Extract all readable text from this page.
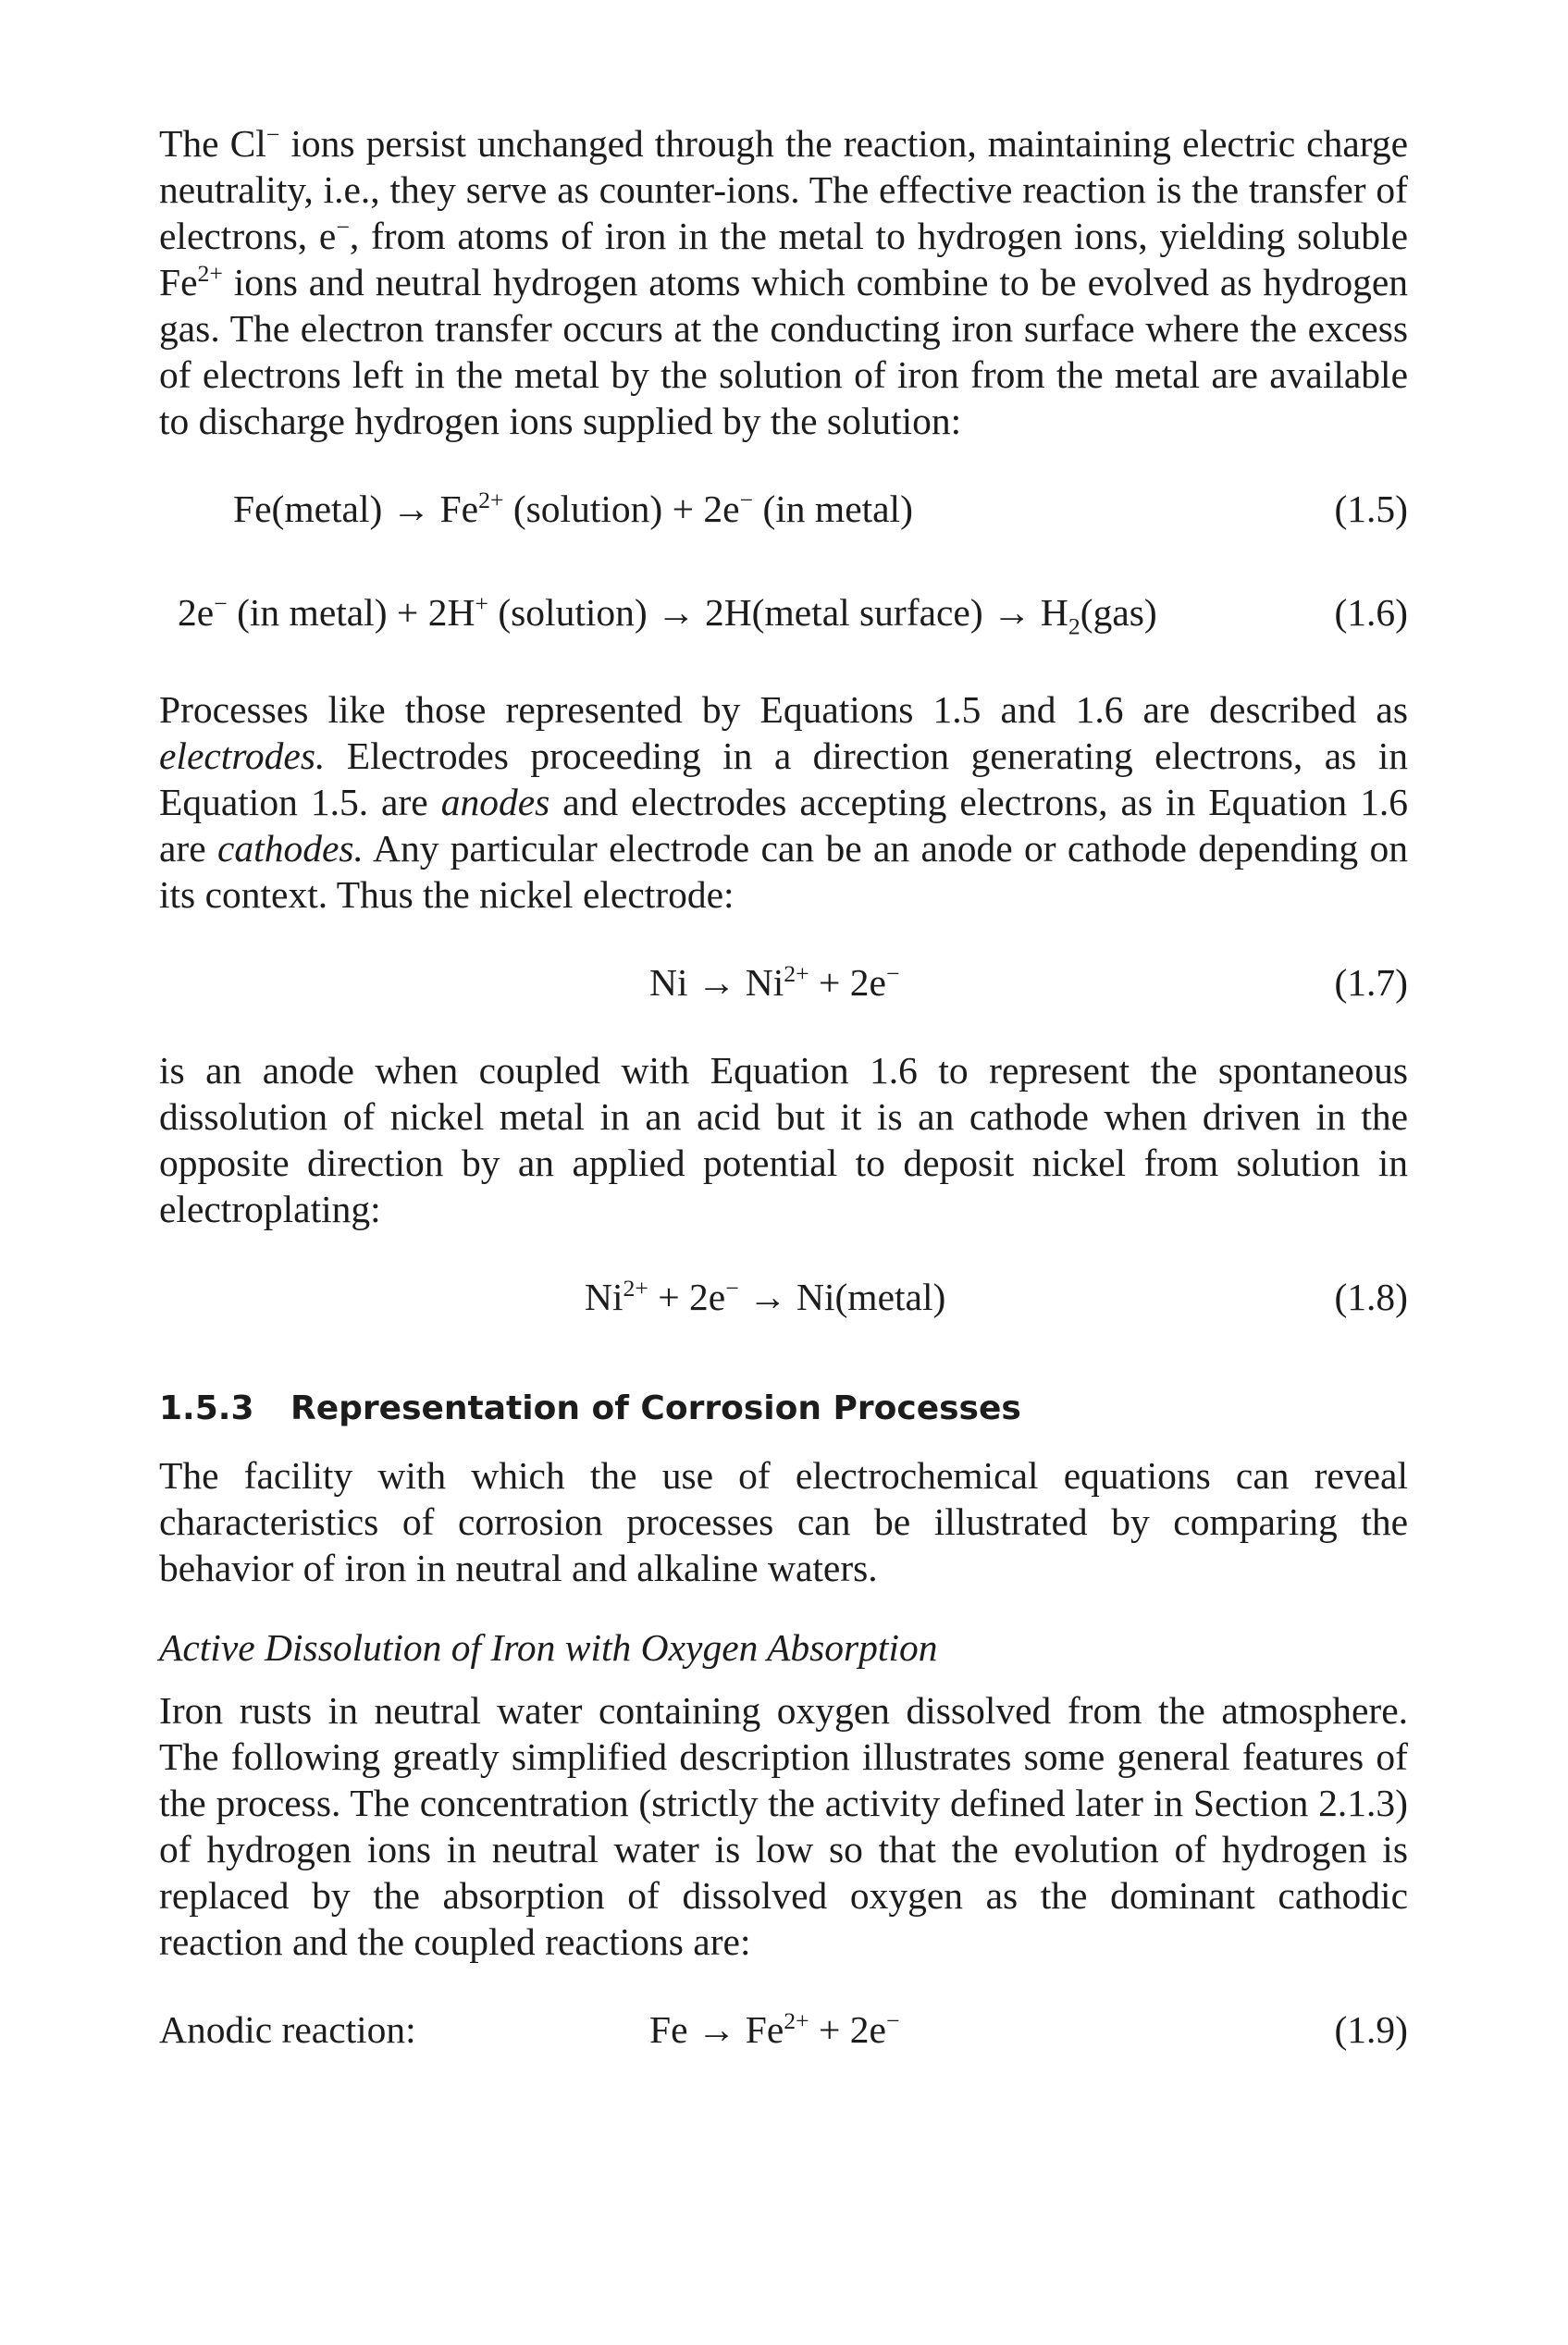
The Cl− ions persist unchanged through the reaction, maintaining electric charge neutrality, i.e., they serve as counter-ions. The effective reaction is the transfer of electrons, e−, from atoms of iron in the metal to hydrogen ions, yielding soluble $Fe^{2+}$ ions and neutral hydrogen atoms which combine to be evolved as hydrogen gas. The electron transfer occurs at the conducting iron surface where the excess of electrons left in the metal by the solution of iron from the metal are available to discharge hydrogen ions supplied by the solution:

Fe(metal) → $Fe^{2+}$ (solution) + 2e− (in metal)	(1.5)
2e− (in metal) + 2H+ (solution) → 2H(metal surface) → $H_2(gas)$	(1.6)

Processes like those represented by Equations 1.5 and 1.6 are described as electrodes. Electrodes proceeding in a direction generating electrons, as in Equation 1.5. are anodes and electrodes accepting electrons, as in Equation 1.6 are cathodes. Any particular electrode can be an anode or cathode depending on its context. Thus the nickel electrode:

$Ni \to Ni^{2+} + 2e^-$	(1.7)

is an anode when coupled with Equation 1.6 to represent the spontaneous dissolution of nickel metal in an acid but it is an cathode when driven in the opposite direction by an applied potential to deposit nickel from solution in electroplating:

$Ni^{2+} + 2e^-$ → Ni(metal)	(1.8)
1.5.3 Representation of Corrosion Processes

The facility with which the use of electrochemical equations can reveal characteristics of corrosion processes can be illustrated by comparing the behavior of iron in neutral and alkaline waters.

Active Dissolution of Iron with Oxygen Absorption

Iron rusts in neutral water containing oxygen dissolved from the atmosphere. The following greatly simplified description illustrates some general features of the process. The concentration (strictly the activity defined later in Section 2.1.3) of hydrogen ions in neutral water is low so that the evolution of hydrogen is replaced by the absorption of dissolved oxygen as the dominant cathodic reaction and the coupled reactions are:

Anodic reaction:	$Fe \to Fe^{2+} + 2e^-$	(1.9)
